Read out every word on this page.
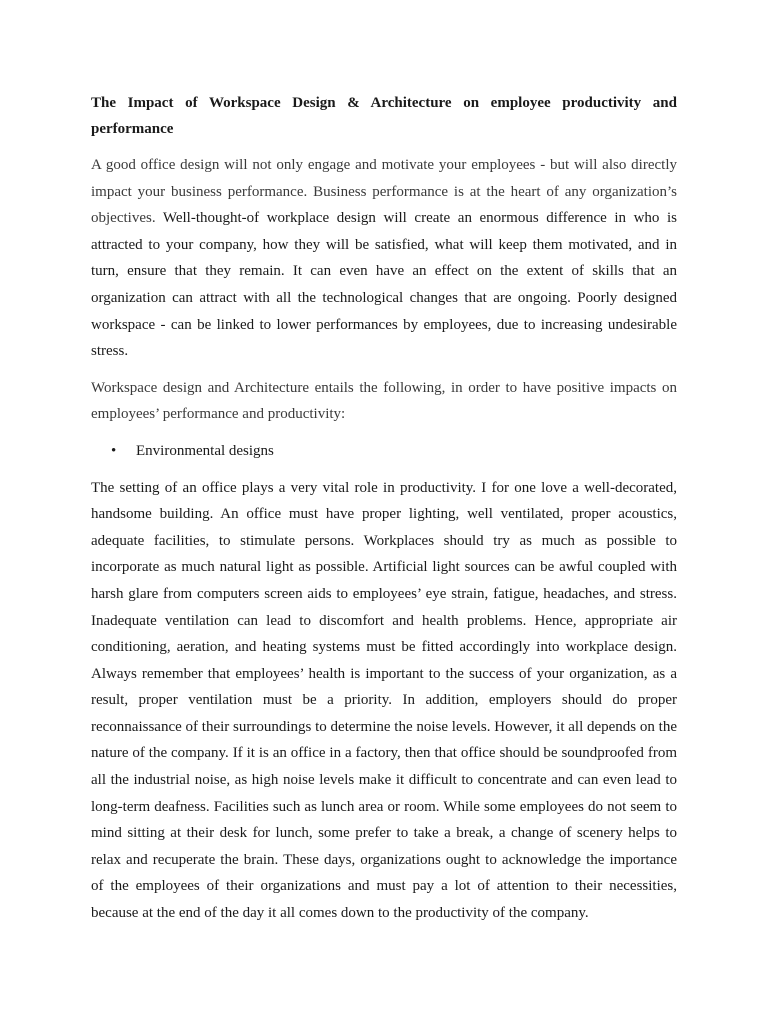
The Impact of Workspace Design & Architecture on employee productivity and performance

A good office design will not only engage and motivate your employees - but will also directly impact your business performance. Business performance is at the heart of any organization’s objectives. Well-thought-of workplace design will create an enormous difference in who is attracted to your company, how they will be satisfied, what will keep them motivated, and in turn, ensure that they remain. It can even have an effect on the extent of skills that an organization can attract with all the technological changes that are ongoing. Poorly designed workspace - can be linked to lower performances by employees, due to increasing undesirable stress.

Workspace design and Architecture entails the following, in order to have positive impacts on employees’ performance and productivity:

• Environmental designs

The setting of an office plays a very vital role in productivity. I for one love a well-decorated, handsome building. An office must have proper lighting, well ventilated, proper acoustics, adequate facilities, to stimulate persons. Workplaces should try as much as possible to incorporate as much natural light as possible. Artificial light sources can be awful coupled with harsh glare from computers screen aids to employees’ eye strain, fatigue, headaches, and stress. Inadequate ventilation can lead to discomfort and health problems. Hence, appropriate air conditioning, aeration, and heating systems must be fitted accordingly into workplace design. Always remember that employees’ health is important to the success of your organization, as a result, proper ventilation must be a priority. In addition, employers should do proper reconnaissance of their surroundings to determine the noise levels. However, it all depends on the nature of the company. If it is an office in a factory, then that office should be soundproofed from all the industrial noise, as high noise levels make it difficult to concentrate and can even lead to long-term deafness. Facilities such as lunch area or room. While some employees do not seem to mind sitting at their desk for lunch, some prefer to take a break, a change of scenery helps to relax and recuperate the brain. These days, organizations ought to acknowledge the importance of the employees of their organizations and must pay a lot of attention to their necessities, because at the end of the day it all comes down to the productivity of the company.
